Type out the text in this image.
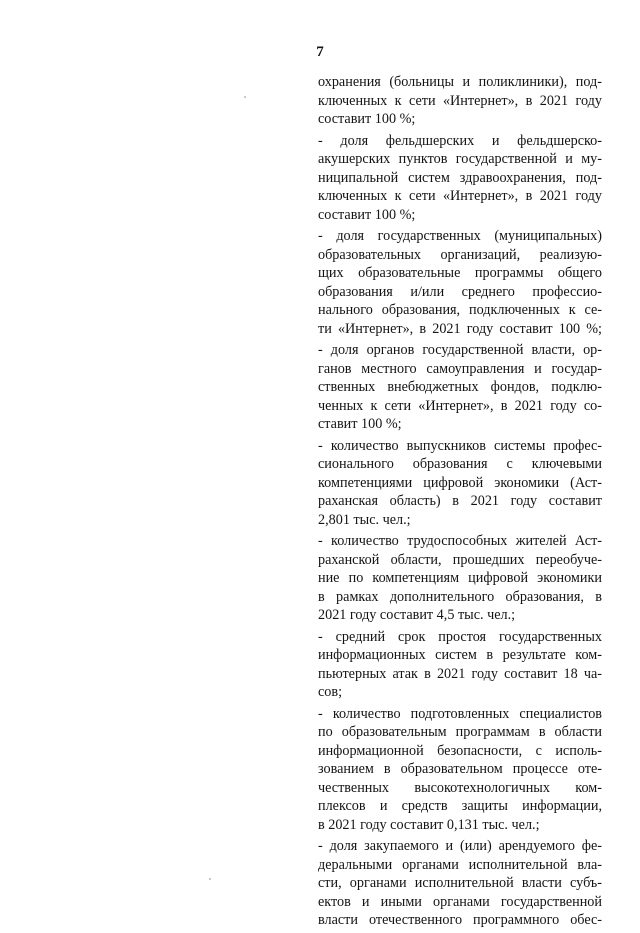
7
охранения (больницы и поликлиники), под-
ключенных к сети «Интернет», в 2021 году
составит 100 %;
- доля фельдшерских и фельдшерско-
акушерских пунктов государственной и му-
ниципальной систем здравоохранения, под-
ключенных к сети «Интернет», в 2021 году
составит 100 %;
- доля государственных (муниципальных)
образовательных организаций, реализую-
щих образовательные программы общего
образования и/или среднего профессио-
нального образования, подключенных к се-
ти «Интернет», в 2021 году составит 100 %;
- доля органов государственной власти, ор-
ганов местного самоуправления и государ-
ственных внебюджетных фондов, подклю-
ченных к сети «Интернет», в 2021 году со-
ставит 100 %;
- количество выпускников системы профес-
сионального образования с ключевыми
компетенциями цифровой экономики (Аст-
раханская область) в 2021 году составит
2,801 тыс. чел.;
- количество трудоспособных жителей Аст-
раханской области, прошедших переобуче-
ние по компетенциям цифровой экономики
в рамках дополнительного образования, в
2021 году составит 4,5 тыс. чел.;
- средний срок простоя государственных
информационных систем в результате ком-
пьютерных атак в 2021 году составит 18 ча-
сов;
- количество подготовленных специалистов
по образовательным программам в области
информационной безопасности, с исполь-
зованием в образовательном процессе оте-
чественных высокотехнологичных ком-
плексов и средств защиты информации,
в 2021 году составит 0,131 тыс. чел.;
- доля закупаемого и (или) арендуемого фе-
деральными органами исполнительной вла-
сти, органами исполнительной власти субъ-
ектов и иными органами государственной
власти отечественного программного обес-
